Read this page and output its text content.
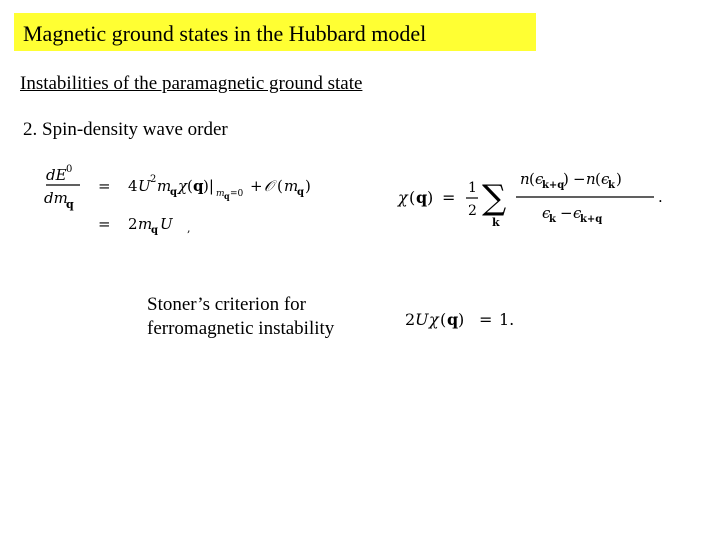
Magnetic ground states in the Hubbard model
Instabilities of the paramagnetic ground state
2. Spin-density wave order
dE 0
dm
q
= 4 U 2 m
q χ ( q )| m q =0 + 𝒪 ( m
q )
= 2 m
q U ,
χ ( q ) = 1
2 ∑
k
n ( ϵ
k+q
) − n ( ϵ
k )
ϵ
k − ϵ
k+q
.
Stoner’s criterion for
ferromagnetic instability	2 U χ ( q ) = 1.
